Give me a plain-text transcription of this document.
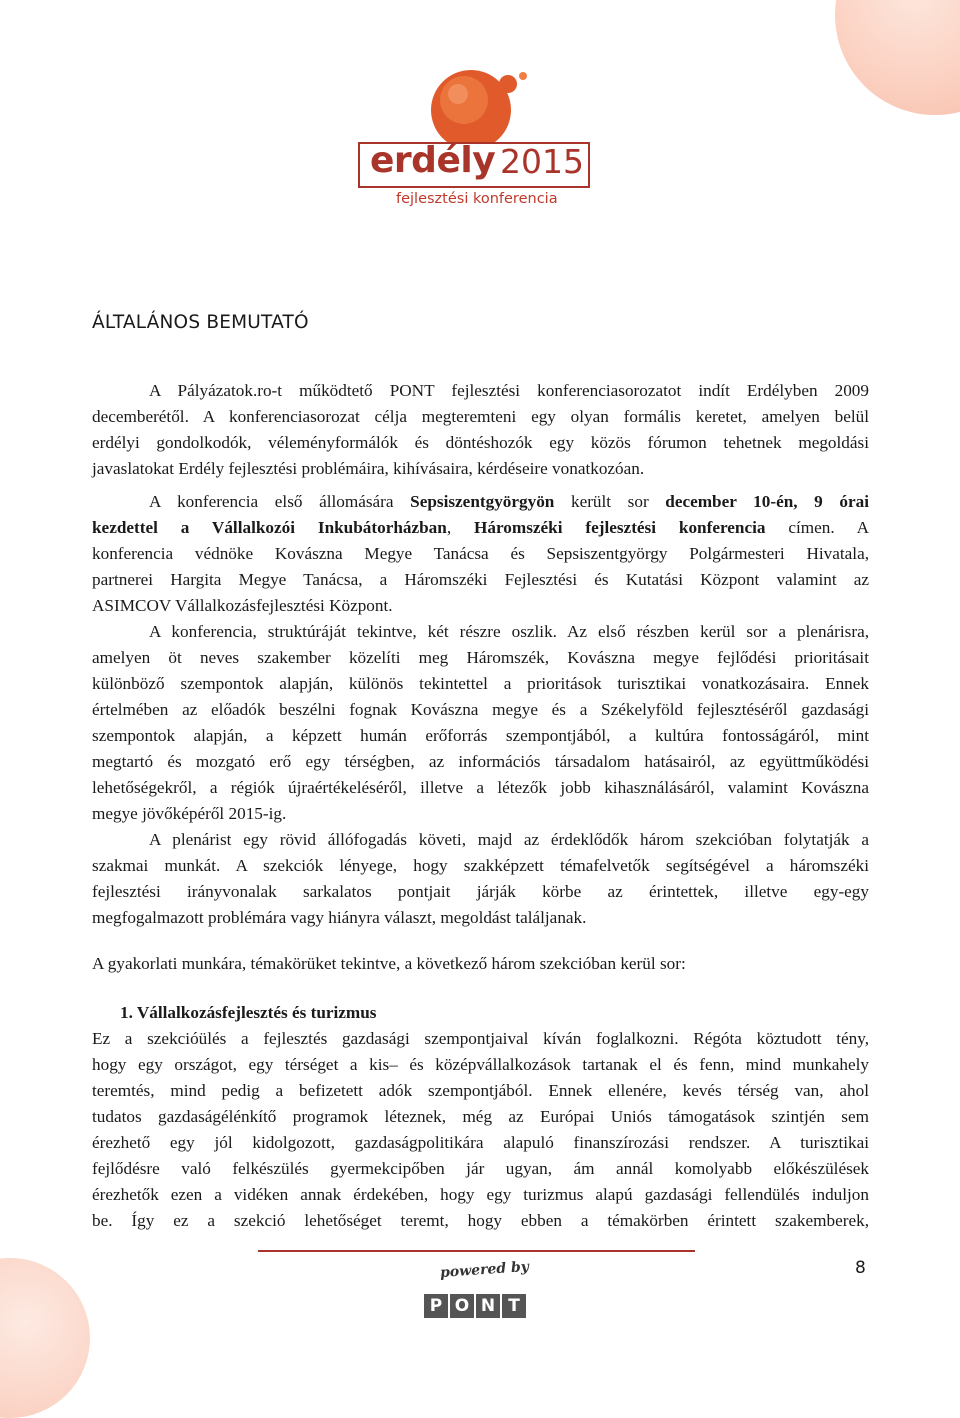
erdély 2015
fejlesztési konferencia
ÁLTALÁNOS BEMUTATÓ
A Pályázatok.ro-t működtető PONT fejlesztési konferenciasorozatot indít Erdélyben 2009
decemberétől. A konferenciasorozat célja megteremteni egy olyan formális keretet, amelyen belül
erdélyi gondolkodók, véleményformálók és döntéshozók egy közös fórumon tehetnek megoldási
javaslatokat Erdély fejlesztési problémáira, kihívásaira, kérdéseire vonatkozóan.
A konferencia első állomására Sepsiszentgyörgyön került sor december 10-én, 9 órai
kezdettel a Vállalkozói Inkubátorházban, Háromszéki fejlesztési konferencia címen. A
konferencia védnöke Kovászna Megye Tanácsa és Sepsiszentgyörgy Polgármesteri Hivatala,
partnerei Hargita Megye Tanácsa, a Háromszéki Fejlesztési és Kutatási Központ valamint az
ASIMCOV Vállalkozásfejlesztési Központ.
A konferencia, struktúráját tekintve, két részre oszlik. Az első részben kerül sor a plenárisra,
amelyen öt neves szakember közelíti meg Háromszék, Kovászna megye fejlődési prioritásait
különböző szempontok alapján, különös tekintettel a prioritások turisztikai vonatkozásaira. Ennek
értelmében az előadók beszélni fognak Kovászna megye és a Székelyföld fejlesztéséről gazdasági
szempontok alapján, a képzett humán erőforrás szempontjából, a kultúra fontosságáról, mint
megtartó és mozgató erő egy térségben, az információs társadalom hatásairól, az együttműködési
lehetőségekről, a régiók újraértékeléséről, illetve a létezők jobb kihasználásáról, valamint Kovászna
megye jövőképéről 2015-ig.
A plenárist egy rövid állófogadás követi, majd az érdeklődők három szekcióban folytatják a
szakmai munkát. A szekciók lényege, hogy szakképzett témafelvetők segítségével a háromszéki
fejlesztési irányvonalak sarkalatos pontjait járják körbe az érintettek, illetve egy-egy
megfogalmazott problémára vagy hiányra választ, megoldást találjanak.
A gyakorlati munkára, témakörüket tekintve, a következő három szekcióban kerül sor:
1. Vállalkozásfejlesztés és turizmus
Ez a szekcióülés a fejlesztés gazdasági szempontjaival kíván foglalkozni. Régóta köztudott tény,
hogy egy országot, egy térséget a kis– és középvállalkozások tartanak el és fenn, mind munkahely
teremtés, mind pedig a befizetett adók szempontjából. Ennek ellenére, kevés térség van, ahol
tudatos gazdaságélénkítő programok léteznek, még az Európai Uniós támogatások szintjén sem
érezhető egy jól kidolgozott, gazdaságpolitikára alapuló finanszírozási rendszer. A turisztikai
fejlődésre való felkészülés gyermekcipőben jár ugyan, ám annál komolyabb előkészülések
érezhetők ezen a vidéken annak érdekében, hogy egy turizmus alapú gazdasági fellendülés induljon
be. Így ez a szekció lehetőséget teremt, hogy ebben a témakörben érintett szakemberek,
powered by
P O N T
8
